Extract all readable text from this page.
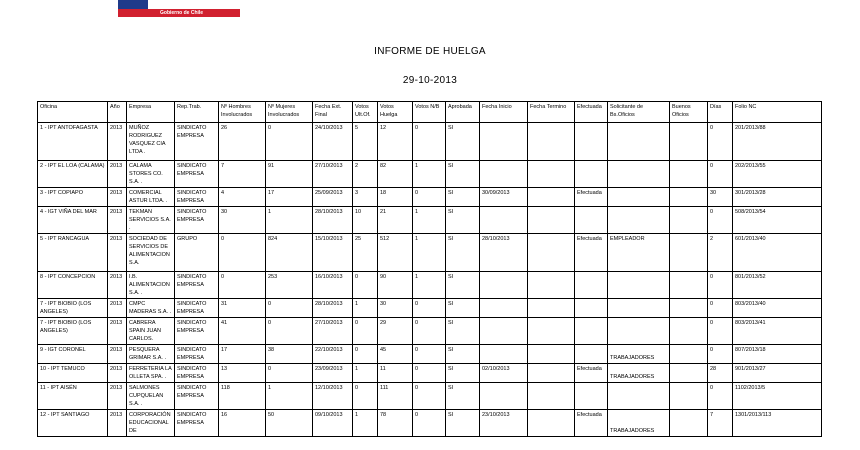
Gobierno de Chile
INFORME DE HUELGA
29-10-2013
Oficina	Año	Empresa	Rep.Trab.	Nº Hombres Involucrados	Nº Mujeres Involucrados	Fecha Ext. Final	Votos Ult.Of.	Votos Huelga	Votos N/B	Aprobada	Fecha Inicio	Fecha Termino	Efectuada	Solicitante de Bs.Oficios	Buenos Oficios	Días	Folio NC
1 - IPT ANTOFAGASTA	2013	MUÑOZ RODRIGUEZ VASQUEZ CIA LTDA .	SINDICATO EMPRESA	26	0	24/10/2013	5	12	0	SI						0	201/2013/88
2 - IPT EL LOA (CALAMA)	2013	CALAMA STORES CO. S.A. .	SINDICATO EMPRESA	7	91	27/10/2013	2	82	1	SI						0	202/2013/55
3 - IPT COPIAPO	2013	COMERCIAL ASTUR LTDA. .	SINDICATO EMPRESA	4	17	25/09/2013	3	18	0	SI	30/09/2013		Efectuada			30	301/2013/28
4 - IGT VIÑA DEL MAR	2013	TEKMAN SERVICIOS S.A. .	SINDICATO EMPRESA	30	1	28/10/2013	10	21	1	SI						0	508/2013/54
5 - IPT RANCAGUA	2013	SOCIEDAD DE SERVICIOS DE ALIMENTACION S.A.	GRUPO	0	824	15/10/2013	25	512	1	SI	28/10/2013		Efectuada	EMPLEADOR		2	601/2013/40
8 - IPT CONCEPCION	2013	I.B. ALIMENTACION S.A. .	SINDICATO EMPRESA	0	253	16/10/2013	0	90	1	SI						0	801/2013/52
7 - IPT BIOBIO (LOS ANGELES)	2013	CMPC MADERAS S.A. .	SINDICATO EMPRESA	31	0	28/10/2013	1	30	0	SI						0	803/2013/40
7 - IPT BIOBIO (LOS ANGELES)	2013	CABRERA SPAIN JUAN CARLOS.	SINDICATO EMPRESA	41	0	27/10/2013	0	29	0	SI						0	803/2013/41
9 - IGT CORONEL	2013	PESQUERA GRIMAR S.A. .	SINDICATO EMPRESA	17	38	22/10/2013	0	45	0	SI				TRABAJADORES		0	807/2013/18
10 - IPT TEMUCO	2013	FERRETERIA LA OLLETA SPA. .	SINDICATO EMPRESA	13	0	23/09/2013	1	11	0	SI	02/10/2013		Efectuada	TRABAJADORES		28	901/2013/27
11 - IPT AISÉN	2013	SALMONES CUPQUELAN S.A. .	SINDICATO EMPRESA	118	1	12/10/2013	0	111	0	SI						0	1102/2013/5
12 - IPT SANTIAGO	2013	CORPORACIÓN EDUCACIONAL DE	SINDICATO EMPRESA	16	50	09/10/2013	1	78	0	SI	23/10/2013		Efectuada	TRABAJADORES		7	1301/2013/113
